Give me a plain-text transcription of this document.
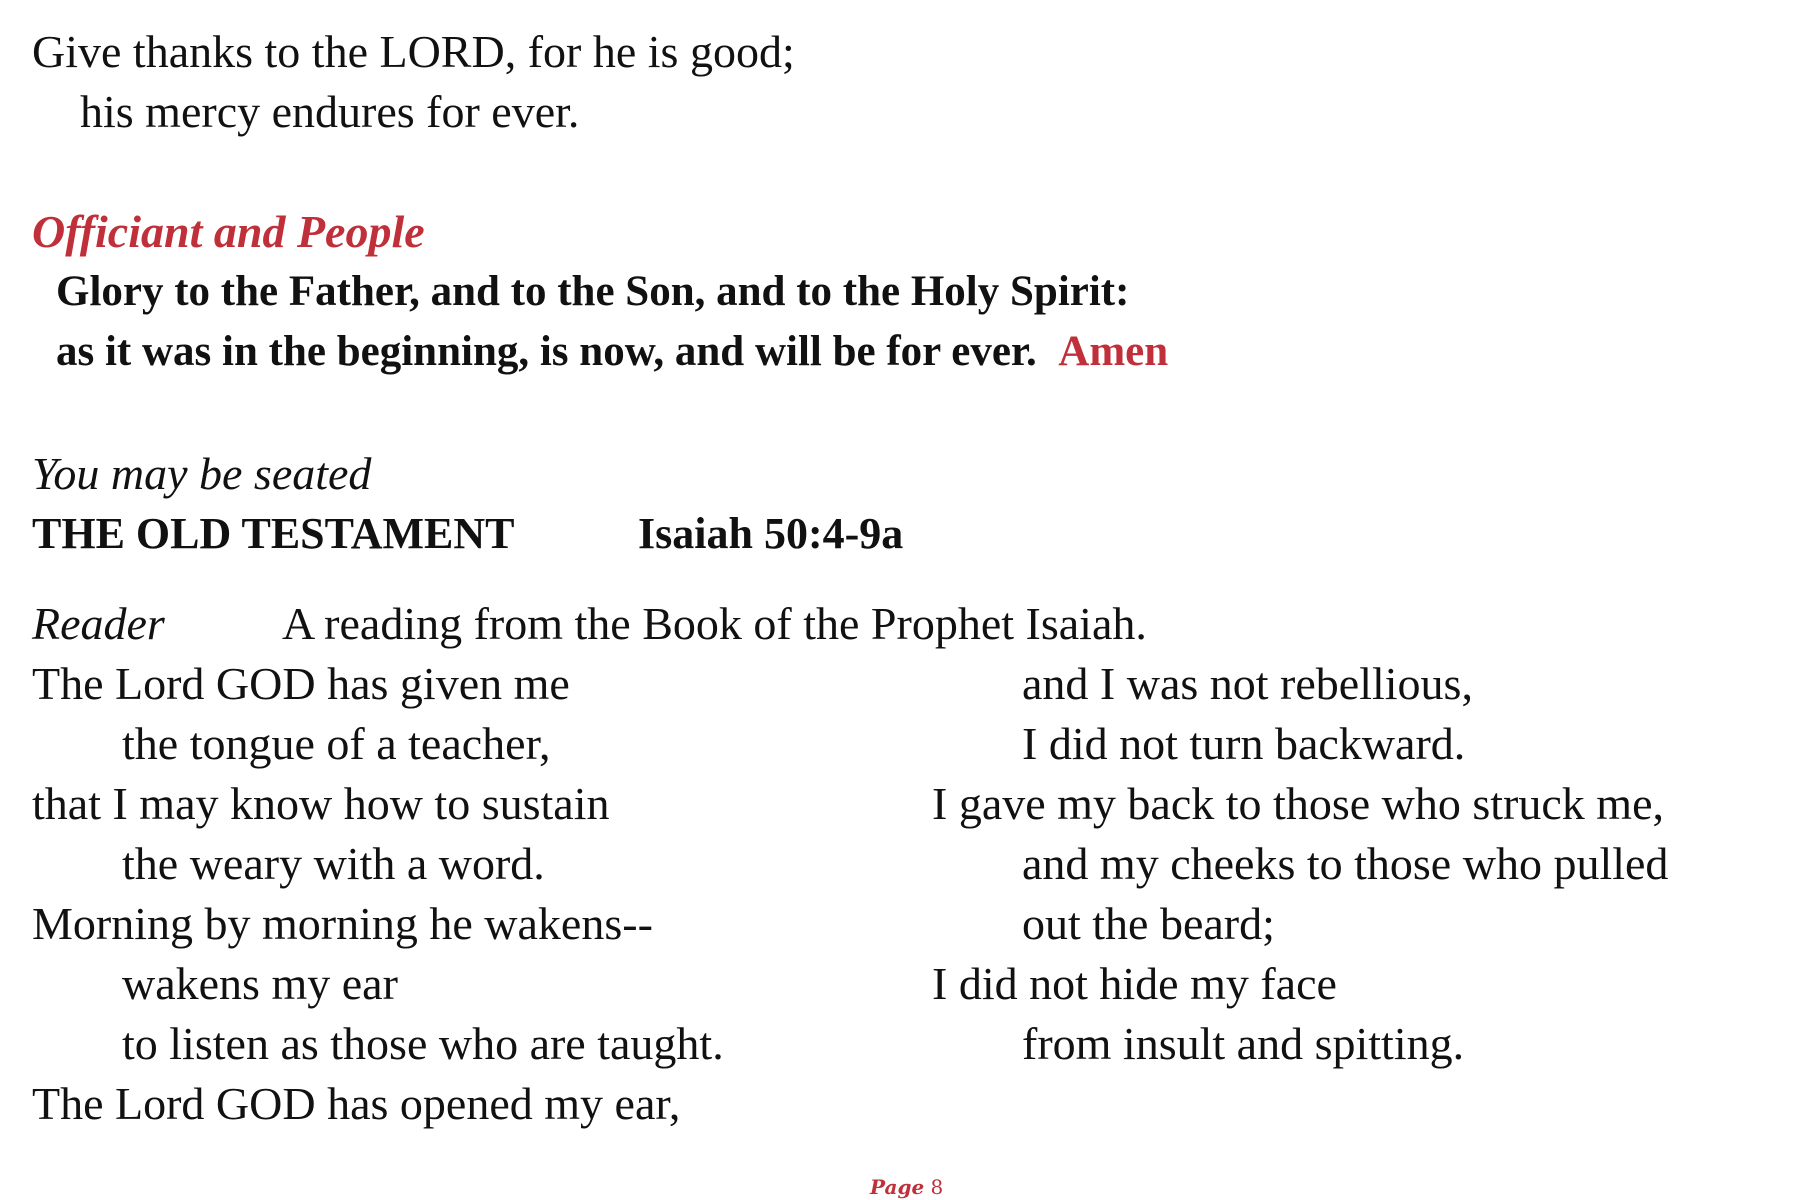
Give thanks to the LORD, for he is good;
his mercy endures for ever.
Officiant and People
Glory to the Father, and to the Son, and to the Holy Spirit:
as it was in the beginning, is now, and will be for ever. Amen
You may be seated
THE OLD TESTAMENT	Isaiah 50:4-9a
Reader	A reading from the Book of the Prophet Isaiah.
The Lord GOD has given me
the tongue of a teacher,
that I may know how to sustain
the weary with a word.
Morning by morning he wakens--
wakens my ear
to listen as those who are taught.
The Lord GOD has opened my ear,
and I was not rebellious,
I did not turn backward.
I gave my back to those who struck me,
and my cheeks to those who pulled
out the beard;
I did not hide my face
from insult and spitting.
Page 8
